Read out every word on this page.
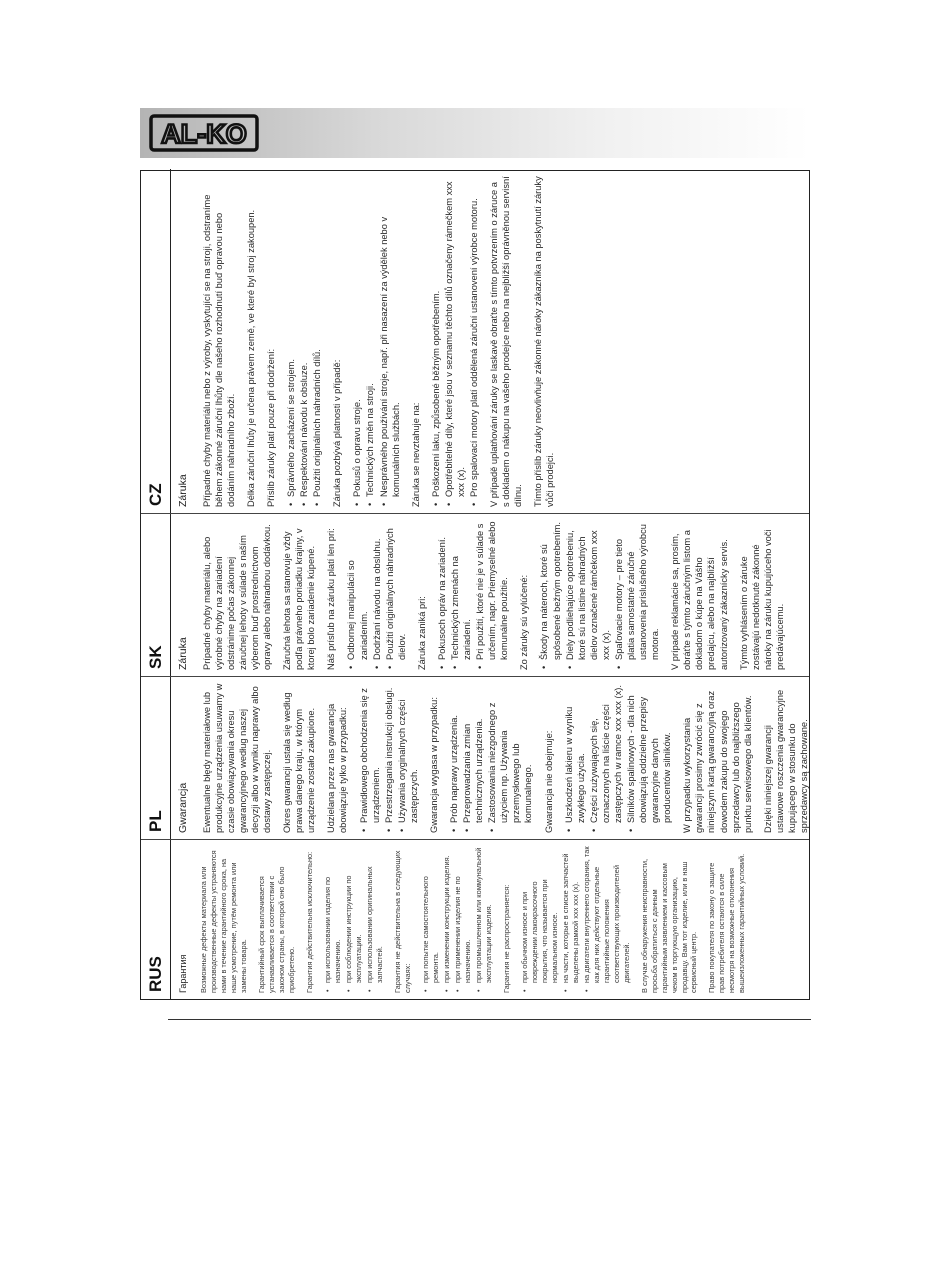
AL-KO
RUS
PL
SK
CZ
Гарантия Возможные дефекты материала или производственные дефекты устраняются нами в течение гарантийного срока, на наше усмотрение, путём ремонта или замены товара. Гарантийный срок выплачивается устанавливается в соответствии с законом страны, в которой оно было приобретено. Гарантия действительна исключительно: • при использовании изделия по назначению. • при соблюдении инструкции по эксплуатации. • при использовании оригинальных запчастей. Гарантия не действительна в следующих случаях: • при попытке самостоятельного ремонта. • при изменении конструкции изделия. • при применении изделия не по назначению. • при промышленном или коммунальной эксплуатации изделия. Гарантия не распространяется: • при обычном износе и при повреждении лакокрасочного покрытия, что называется при нормальном износе. • на части, которые в списке запчастей выделены рамкой xxx xxx (x). • на двигатели внутреннего сгорания, так как для них действуют отдельные гарантийные положения соответствующих производителей двигателей. В случае обнаружения неисправности, просьба обратиться с данным гарантийным заявлением и кассовым чеком в торгующую организацию, продавцу. Вам тот изделие, или в наш сервисный центр. Право покупателя по закону о защите прав потребителя остаются в силе несмотря на возможные отклонения вышеизложенных гарантийных условий.

Gwarancja Ewentualne błędy materiałowe lub produkcyjne urządzenia usuwamy w czasie obowiązywania okresu gwarancyjnego według naszej decyzji albo w wyniku naprawy albo dostawy zastępczej. Okres gwarancji ustala się według prawa danego kraju, w którym urządzenie zostało zakupione. Udzielana przez nas gwarancja obowiązuje tylko w przypadku: • Prawidłowego obchodzenia się z urządzeniem. • Przestrzegania instrukcji obsługi. • Używania oryginalnych części zastępczych. Gwarancja wygasa w przypadku: • Prób naprawy urządzenia. • Przeprowadzania zmian technicznych urządzenia. • Zastosowania niezgodnego z użyciem np. Używania przemysłowego lub komunalnego. Gwarancja nie obejmuje: • Uszkodzeń lakieru w wyniku zwykłego użycia. • Części zużywających się, oznaczonych na liście części zastępczych w ramce xxx xxx (x). • Silników spalinowych - dla nich obowiązują oddzielne przepisy gwarancyjne danych producentów silników. W przypadku wykorzystania gwarancji prosimy zwrócić się z niniejszym kartą gwarancyjną oraz dowodem zakupu do swojego sprzedawcy lub do najbliższego punktu serwisowego dla klientów. Dzięki niniejszej gwarancji ustawowe roszczenia gwarancyjne kupującego w stosunku do sprzedawcy są zachowane.

Záruka Prípadné chyby materiálu, alebo výrobné chyby na zariadení odstránime počas zákonnej záručnej lehoty v súlade s naším výberom buď prostredníctvom opravy alebo náhradnou dodávkou. Záručná lehota sa stanovuje vždy podľa právneho poriadku krajiny, v ktorej bolo zariadenie kúpené. Náš prísľub na záruku platí len pri: • Odbornej manipulácii so zariadením. • Dodržaní návodu na obsluhu. • Použití originálnych náhradných dielov. Záruka zaniká pri: • Pokusoch opráv na zariadení. • Technických zmenách na zariadení. • Pri použití, ktoré nie je v súlade s určením, napr. Priemyselné alebo komunálne použitie. Zo záruky sú vylúčené: • Škody na náteroch, ktoré sú spôsobené bežným opotrebením. • Diely podliehajúce opotrebeniu, ktoré sú na listine náhradných dielov označené rámčekom xxx xxx (x). • Spaľovacie motory – pre tieto platia samostatné záručné ustanovenia príslušného výrobcu motora. V prípade reklamácie sa, prosím, obráťte s týmto záručným listom a dokladom o kúpe na Vášho predajcu, alebo na najbližší autorizovaný zákaznícky servis. Týmto vyhlásením o záruke zostávajú nedotknuté zákonné nároky na záruku kupujúceho voči predávajúcemu.

Záruka Případné chyby materiálu nebo z výroby, vyskytující se na stroji, odstraníme během zákonné záruční lhůty dle našeho rozhodnutí buď opravou nebo dodáním náhradního zboží. Délka záruční lhůty je určena právem země, ve které byl stroj zakoupen. Příslib záruky platí pouze při dodržení: • Správného zacházení se strojem. • Respektování návodu k obsluze. • Použití originálních náhradních dílů. Záruka pozbývá platnosti v případě: • Pokusů o opravu stroje. • Technických změn na stroji. • Nesprávného používání stroje, např. při nasazení za výdělek nebo v komunálních službách. Záruka se nevztahuje na: • Poškození laku, způsobené běžným opotřebením. • Opotřebitelné díly, které jsou v seznamu těchto dílů označeny rámečkem xxx xxx (x). • Pro spalovací motory platí oddělená záruční ustanovení výrobce motoru. V případě uplatňování záruky se laskavě obraťte s tímto potvrzením o záruce a s dokladem o nákupu na vašeho prodejce nebo na nejbližší oprávněnou servisní dílnu. Tímto příslib záruky neovlivňuje zákonné nároky zákazníka na poskytnutí záruky vůči prodejci.
